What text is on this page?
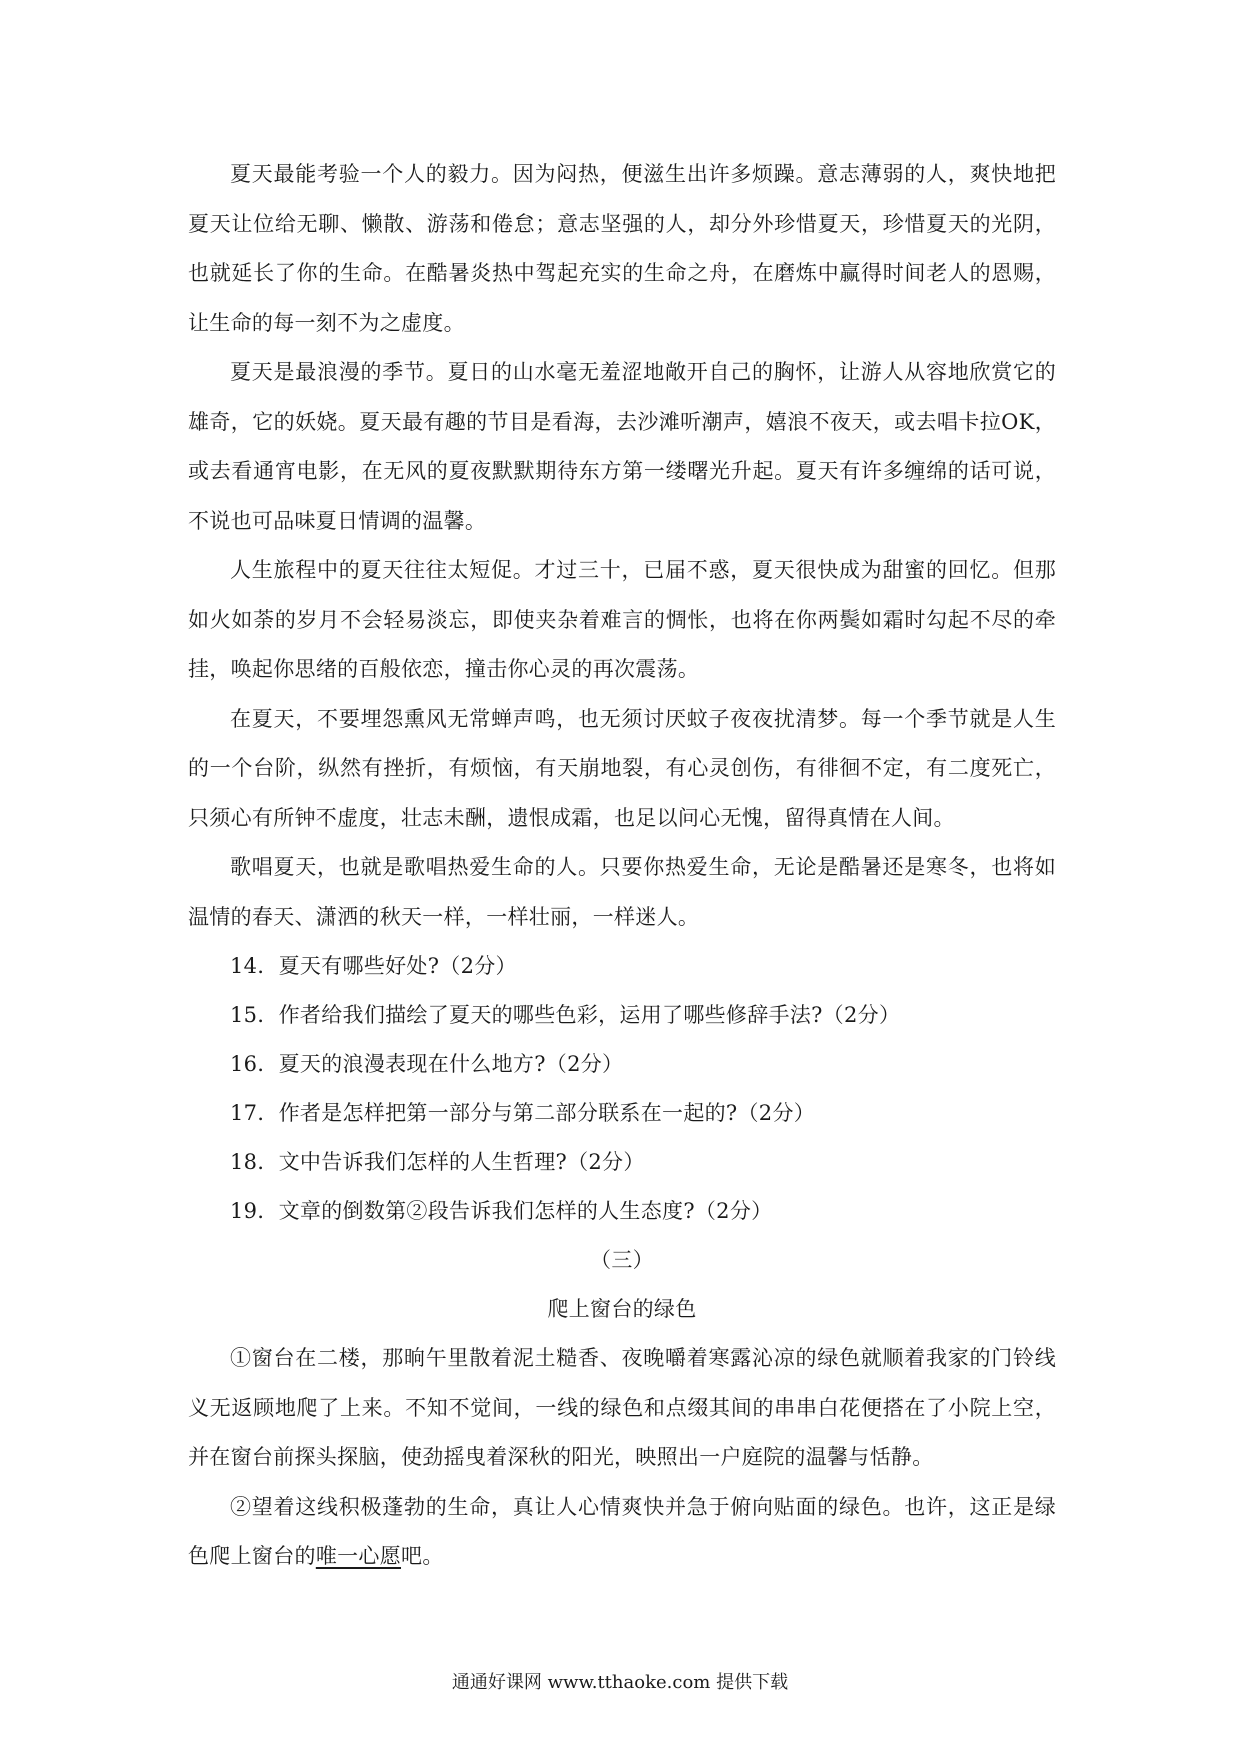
夏天最能考验一个人的毅力。因为闷热，便滋生出许多烦躁。意志薄弱的人，爽快地把夏天让位给无聊、懒散、游荡和倦怠；意志坚强的人，却分外珍惜夏天，珍惜夏天的光阴，也就延长了你的生命。在酷暑炎热中驾起充实的生命之舟，在磨炼中赢得时间老人的恩赐，让生命的每一刻不为之虚度。

夏天是最浪漫的季节。夏日的山水毫无羞涩地敞开自己的胸怀，让游人从容地欣赏它的雄奇，它的妖娆。夏天最有趣的节目是看海，去沙滩听潮声，嬉浪不夜天，或去唱卡拉OK，或去看通宵电影，在无风的夏夜默默期待东方第一缕曙光升起。夏天有许多缠绵的话可说，不说也可品味夏日情调的温馨。

人生旅程中的夏天往往太短促。才过三十，已届不惑，夏天很快成为甜蜜的回忆。但那如火如荼的岁月不会轻易淡忘，即使夹杂着难言的惆怅，也将在你两鬓如霜时勾起不尽的牵挂，唤起你思绪的百般依恋，撞击你心灵的再次震荡。

在夏天，不要埋怨熏风无常蝉声鸣，也无须讨厌蚊子夜夜扰清梦。每一个季节就是人生的一个台阶，纵然有挫折，有烦恼，有天崩地裂，有心灵创伤，有徘徊不定，有二度死亡，只须心有所钟不虚度，壮志未酬，遗恨成霜，也足以问心无愧，留得真情在人间。

歌唱夏天，也就是歌唱热爱生命的人。只要你热爱生命，无论是酷暑还是寒冬，也将如温情的春天、潇洒的秋天一样，一样壮丽，一样迷人。

14．夏天有哪些好处?（2分）

15．作者给我们描绘了夏天的哪些色彩，运用了哪些修辞手法?（2分）

16．夏天的浪漫表现在什么地方?（2分）

17．作者是怎样把第一部分与第二部分联系在一起的?（2分）

18．文中告诉我们怎样的人生哲理?（2分）

19．文章的倒数第②段告诉我们怎样的人生态度?（2分）

（三）

爬上窗台的绿色

①窗台在二楼，那晌午里散着泥土糙香、夜晚嚼着寒露沁凉的绿色就顺着我家的门铃线义无返顾地爬了上来。不知不觉间，一线的绿色和点缀其间的串串白花便搭在了小院上空，并在窗台前探头探脑，使劲摇曳着深秋的阳光，映照出一户庭院的温馨与恬静。

②望着这线积极蓬勃的生命，真让人心情爽快并急于俯向贴面的绿色。也许，这正是绿色爬上窗台的唯一心愿吧。

通通好课网 www.tthaoke.com 提供下载
